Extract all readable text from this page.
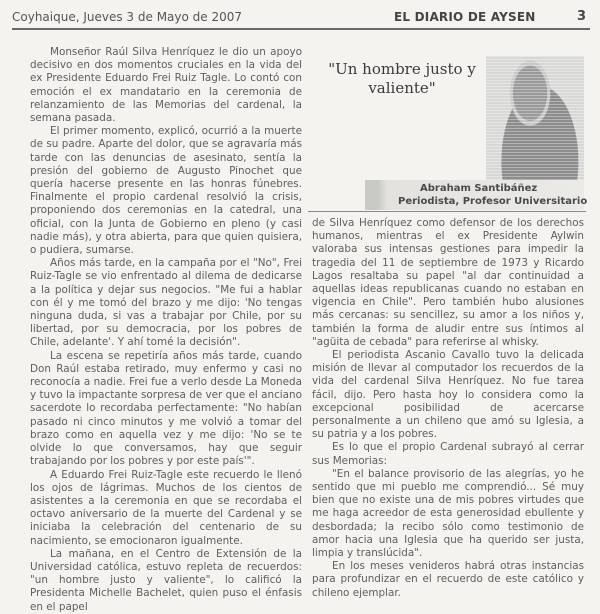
Coyhaique, Jueves 3 de Mayo de 2007	EL DIARIO DE AYSEN	3

Monseñor Raúl Silva Henríquez le dio un apoyo decisivo en dos momentos cruciales en la vida del ex Presidente Eduardo Frei Ruiz Tagle. Lo contó con emoción el ex mandatario en la ceremonia de relanzamiento de las Memorias del cardenal, la semana pasada.

El primer momento, explicó, ocurrió a la muerte de su padre. Aparte del dolor, que se agravaría más tarde con las denuncias de asesinato, sentía la presión del gobierno de Augusto Pinochet que quería hacerse presente en las honras fúnebres. Finalmente el propio cardenal resolvió la crisis, proponiendo dos ceremonias en la catedral, una oficial, con la Junta de Gobierno en pleno (y casi nadie más), y otra abierta, para que quien quisiera, o pudiera, sumarse.

Años más tarde, en la campaña por el "No", Frei Ruiz-Tagle se vio enfrentado al dilema de dedicarse a la política y dejar sus negocios. "Me fui a hablar con él y me tomó del brazo y me dijo: 'No tengas ninguna duda, si vas a trabajar por Chile, por su libertad, por su democracia, por los pobres de Chile, adelante'. Y ahí tomé la decisión".

La escena se repetiría años más tarde, cuando Don Raúl estaba retirado, muy enfermo y casi no reconocía a nadie. Frei fue a verlo desde La Moneda y tuvo la impactante sorpresa de ver que el anciano sacerdote lo recordaba perfectamente: "No habían pasado ni cinco minutos y me volvió a tomar del brazo como en aquella vez y me dijo: 'No se te olvide lo que conversamos, hay que seguir trabajando por los pobres y por este país'".

A Eduardo Frei Ruiz-Tagle este recuerdo le llenó los ojos de lágrimas. Muchos de los cientos de asistentes a la ceremonia en que se recordaba el octavo aniversario de la muerte del Cardenal y se iniciaba la celebración del centenario de su nacimiento, se emocionaron igualmente.

La mañana, en el Centro de Extensión de la Universidad católica, estuvo repleta de recuerdos: "un hombre justo y valiente", lo calificó la Presidenta Michelle Bachelet, quien puso el énfasis en el papel

"Un hombre justo y valiente"
Abraham Santibáñez
Periodista, Profesor Universitario

de Silva Henríquez como defensor de los derechos humanos, mientras el ex Presidente Aylwin valoraba sus intensas gestiones para impedir la tragedia del 11 de septiembre de 1973 y Ricardo Lagos resaltaba su papel "al dar continuidad a aquellas ideas republicanas cuando no estaban en vigencia en Chile". Pero también hubo alusiones más cercanas: su sencillez, su amor a los niños y, también la forma de aludir entre sus íntimos al "agüita de cebada" para referirse al whisky.

El periodista Ascanio Cavallo tuvo la delicada misión de llevar al computador los recuerdos de la vida del cardenal Silva Henríquez. No fue tarea fácil, dijo. Pero hasta hoy lo considera como la excepcional posibilidad de acercarse personalmente a un chileno que amó su Iglesia, a su patria y a los pobres.

Es lo que el propio Cardenal subrayó al cerrar sus Memorias:

"En el balance provisorio de las alegrías, yo he sentido que mi pueblo me comprendió... Sé muy bien que no existe una de mis pobres virtudes que me haga acreedor de esta generosidad ebullente y desbordada; la recibo sólo como testimonio de amor hacia una Iglesia que ha querido ser justa, limpia y translúcida".

En los meses venideros habrá otras instancias para profundizar en el recuerdo de este católico y chileno ejemplar.
